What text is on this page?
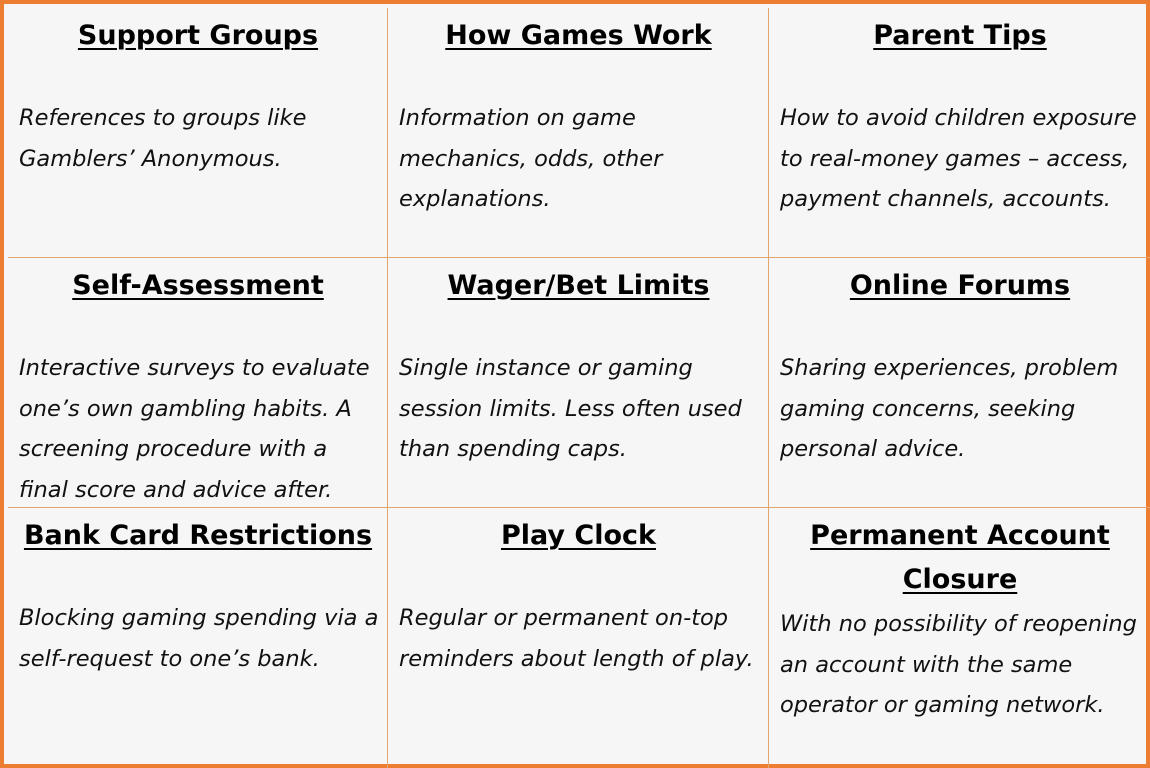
Support Groups

References to groups like Gamblers’ Anonymous.

How Games Work

Information on game mechanics, odds, other explanations.

Parent Tips

How to avoid children exposure to real-money games – access, payment channels, accounts.

Self-Assessment

Interactive surveys to evaluate one’s own gambling habits. A screening procedure with a final score and advice after.

Wager/Bet Limits

Single instance or gaming session limits. Less often used than spending caps.

Online Forums

Sharing experiences, problem gaming concerns, seeking personal advice.

Bank Card Restrictions

Blocking gaming spending via a self-request to one’s bank.

Play Clock

Regular or permanent on-top reminders about length of play.

Permanent Account Closure

With no possibility of reopening an account with the same operator or gaming network.
